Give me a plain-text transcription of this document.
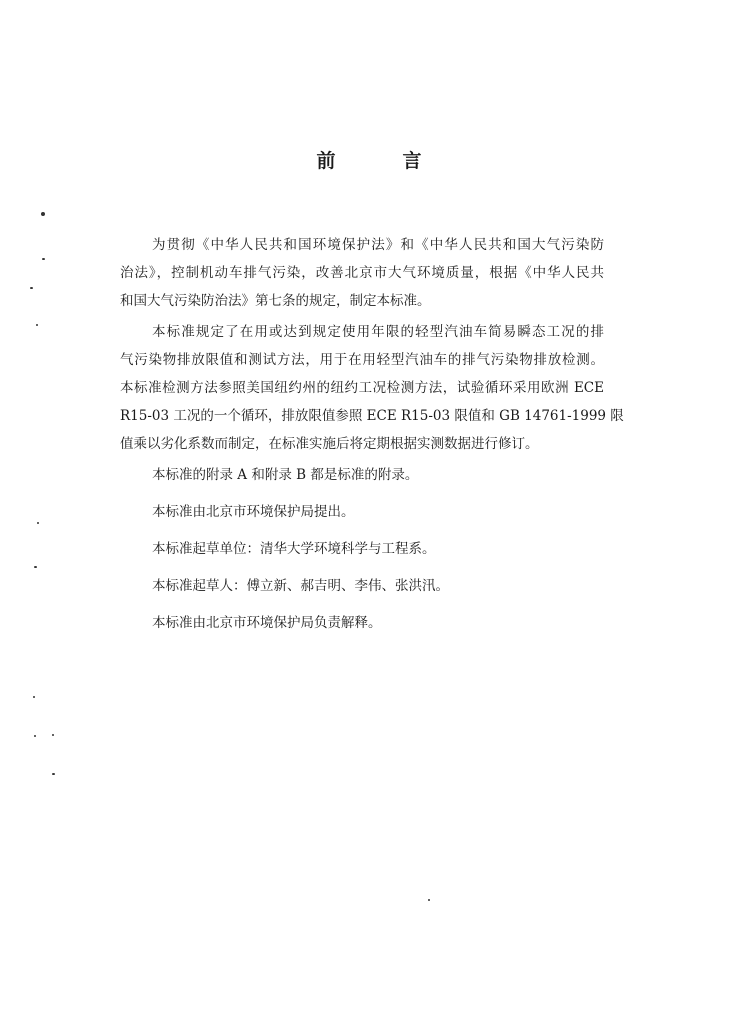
前　言
为贯彻《中华人民共和国环境保护法》和《中华人民共和国大气污染防
治法》，控制机动车排气污染，改善北京市大气环境质量，根据《中华人民共
和国大气污染防治法》第七条的规定，制定本标准。
本标准规定了在用或达到规定使用年限的轻型汽油车简易瞬态工况的排
气污染物排放限值和测试方法，用于在用轻型汽油车的排气污染物排放检测。
本标准检测方法参照美国纽约州的纽约工况检测方法，试验循环采用欧洲 ECE
R15-03 工况的一个循环，排放限值参照 ECE R15-03 限值和 GB 14761-1999 限
值乘以劣化系数而制定，在标准实施后将定期根据实测数据进行修订。

本标准的附录 A 和附录 B 都是标准的附录。

本标准由北京市环境保护局提出。

本标准起草单位：清华大学环境科学与工程系。

本标准起草人：傅立新、郝吉明、李伟、张洪汛。

本标准由北京市环境保护局负责解释。
